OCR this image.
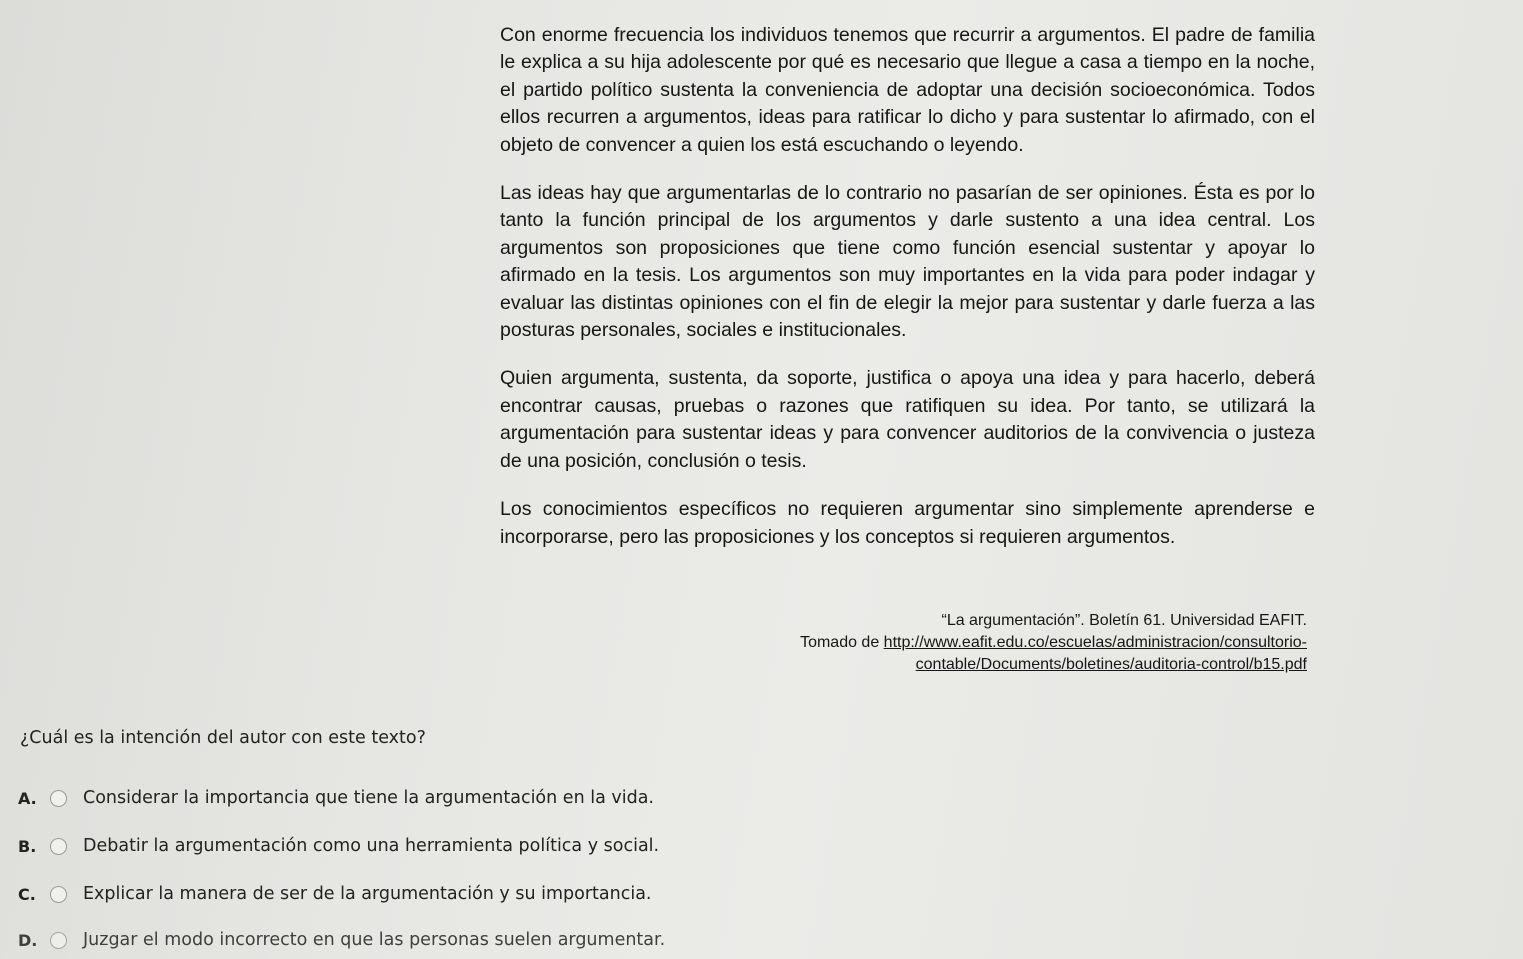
Con enorme frecuencia los individuos tenemos que recurrir a argumentos. El padre de familia le explica a su hija adolescente por qué es necesario que llegue a casa a tiempo en la noche, el partido político sustenta la conveniencia de adoptar una decisión socioeconómica. Todos ellos recurren a argumentos, ideas para ratificar lo dicho y para sustentar lo afirmado, con el objeto de convencer a quien los está escuchando o leyendo.

Las ideas hay que argumentarlas de lo contrario no pasarían de ser opiniones. Ésta es por lo tanto la función principal de los argumentos y darle sustento a una idea central. Los argumentos son proposiciones que tiene como función esencial sustentar y apoyar lo afirmado en la tesis. Los argumentos son muy importantes en la vida para poder indagar y evaluar las distintas opiniones con el fin de elegir la mejor para sustentar y darle fuerza a las posturas personales, sociales e institucionales.

Quien argumenta, sustenta, da soporte, justifica o apoya una idea y para hacerlo, deberá encontrar causas, pruebas o razones que ratifiquen su idea. Por tanto, se utilizará la argumentación para sustentar ideas y para convencer auditorios de la convivencia o justeza de una posición, conclusión o tesis.

Los conocimientos específicos no requieren argumentar sino simplemente aprenderse e incorporarse, pero las proposiciones y los conceptos si requieren argumentos.

“La argumentación”. Boletín 61. Universidad EAFIT.
Tomado de http://www.eafit.edu.co/escuelas/administracion/consultorio-
contable/Documents/boletines/auditoria-control/b15.pdf
¿Cuál es la intención del autor con este texto?
A.	Considerar la importancia que tiene la argumentación en la vida.
B.	Debatir la argumentación como una herramienta política y social.
C.	Explicar la manera de ser de la argumentación y su importancia.
D.	Juzgar el modo incorrecto en que las personas suelen argumentar.
